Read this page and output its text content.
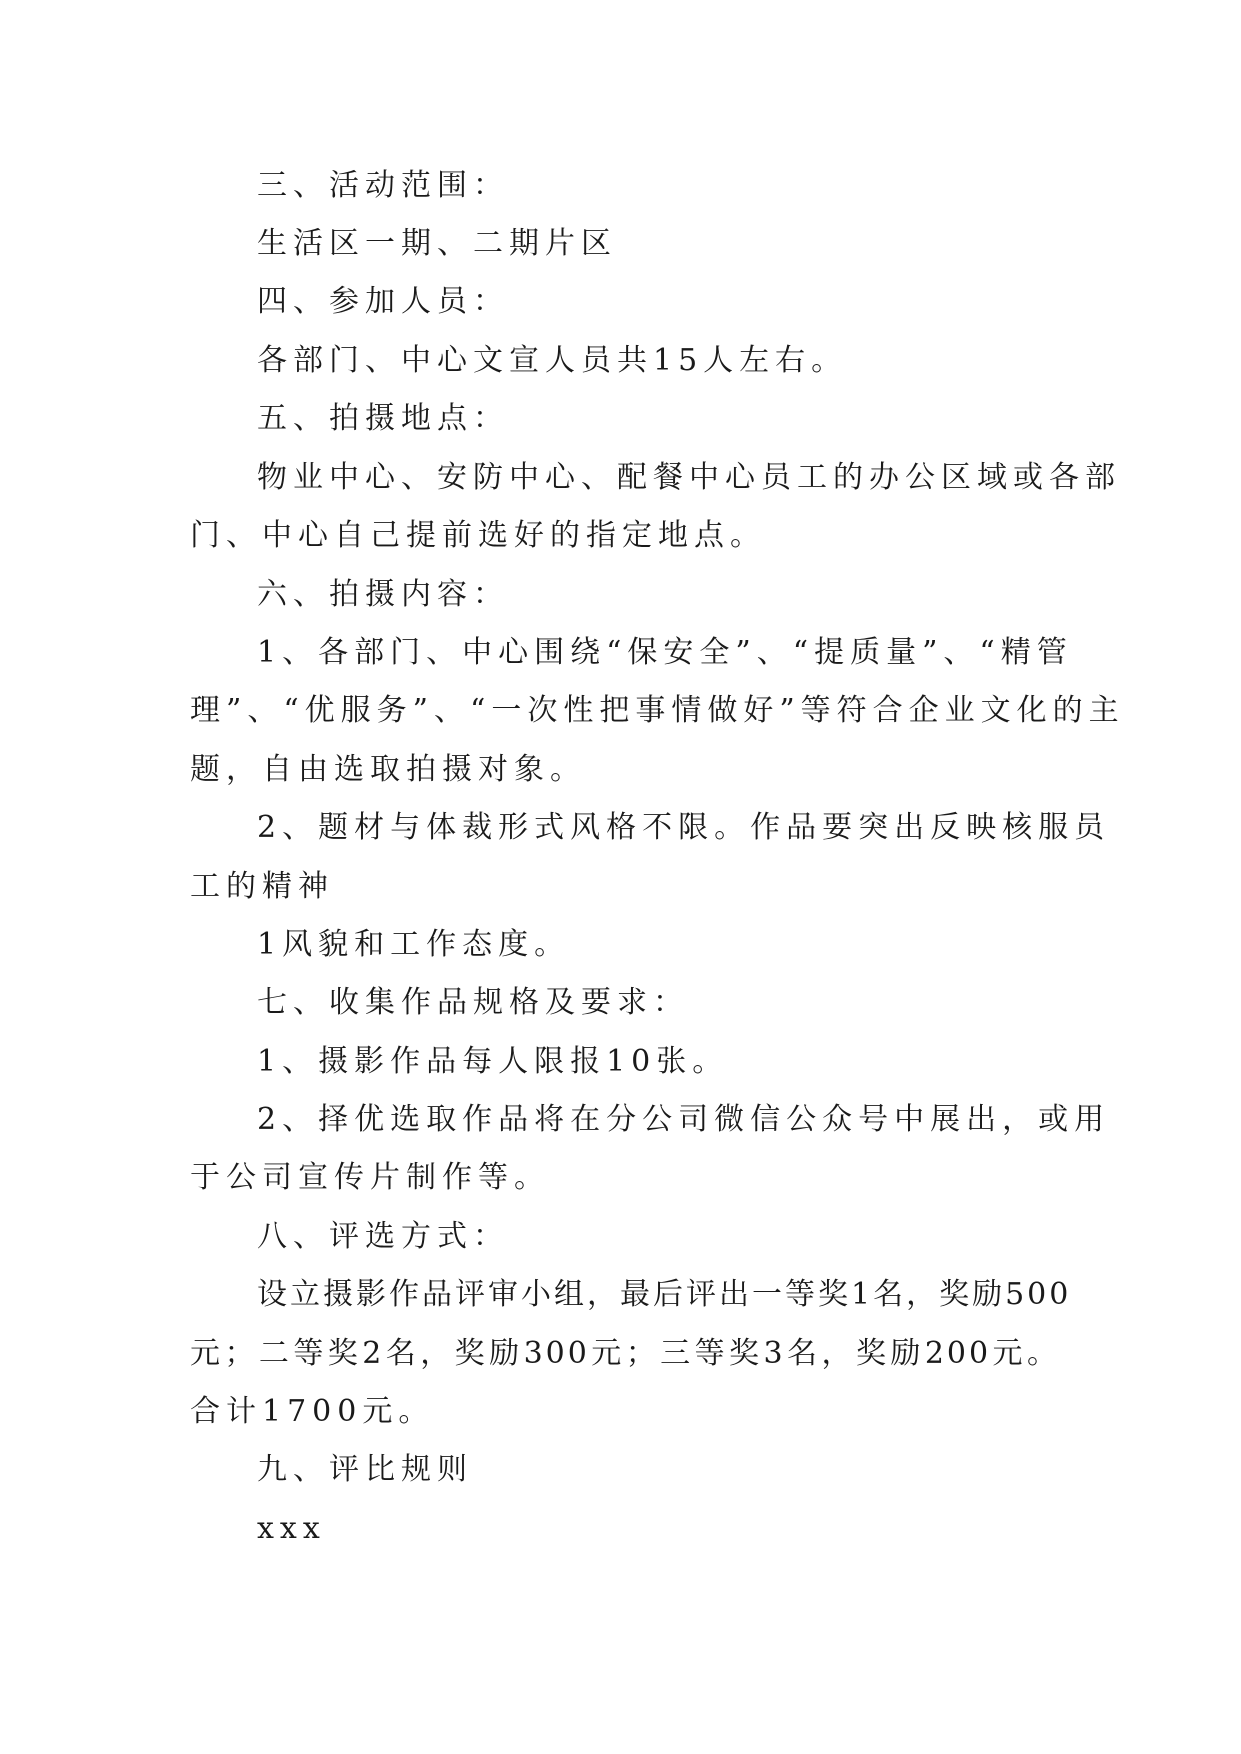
三、活动范围：
生活区一期、二期片区
四、参加人员：
各部门、中心文宣人员共15人左右。
五、拍摄地点：
物业中心、安防中心、配餐中心员工的办公区域或各部
门、中心自己提前选好的指定地点。
六、拍摄内容：
1、各部门、中心围绕“保安全”、“提质量”、“精管
理”、“优服务”、“一次性把事情做好”等符合企业文化的主
题，自由选取拍摄对象。
2、题材与体裁形式风格不限。作品要突出反映核服员
工的精神
1风貌和工作态度。
七、收集作品规格及要求：
1、摄影作品每人限报10张。
2、择优选取作品将在分公司微信公众号中展出，或用
于公司宣传片制作等。
八、评选方式：
设立摄影作品评审小组，最后评出一等奖1名，奖励500
元；二等奖2名，奖励300元；三等奖3名，奖励200元。
合计1700元。
九、评比规则
xxx
